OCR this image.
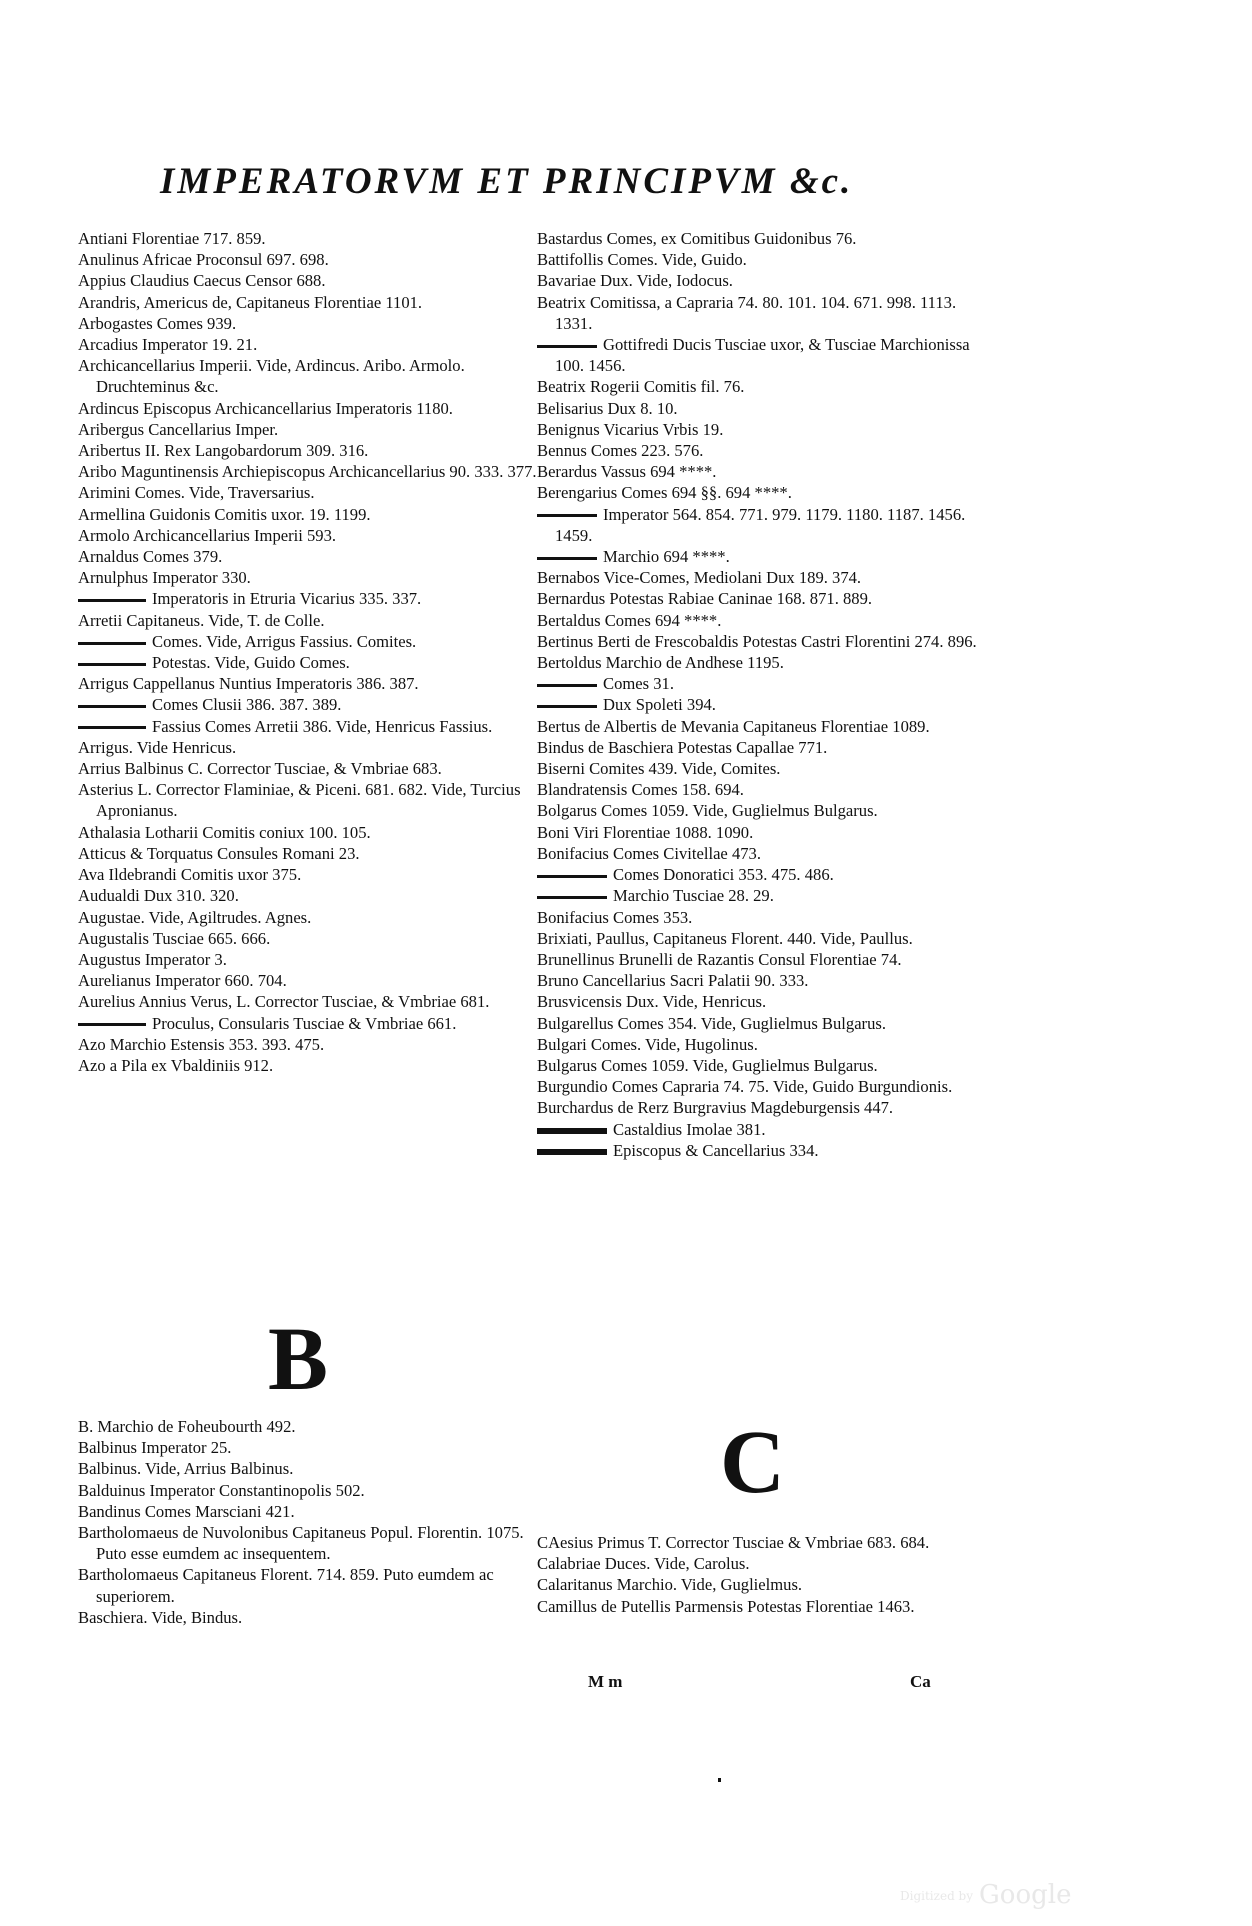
IMPERATORVM ET PRINCIPVM &c.

Antiani Florentiae 717. 859.

Anulinus Africae Proconsul 697. 698.

Appius Claudius Caecus Censor 688.

Arandris, Americus de, Capitaneus Florentiae 1101.

Arbogastes Comes 939.

Arcadius Imperator 19. 21.

Archicancellarius Imperii. Vide, Ardincus. Aribo. Armolo. Druchteminus &c.

Ardincus Episcopus Archicancellarius Imperatoris 1180.

Aribergus Cancellarius Imper.

Aribertus II. Rex Langobardorum 309. 316.

Aribo Maguntinensis Archiepiscopus Archicancellarius 90. 333. 377.

Arimini Comes. Vide, Traversarius.

Armellina Guidonis Comitis uxor. 19. 1199.

Armolo Archicancellarius Imperii 593.

Arnaldus Comes 379.

Arnulphus Imperator 330.

Imperatoris in Etruria Vicarius 335. 337.

Arretii Capitaneus. Vide, T. de Colle.

Comes. Vide, Arrigus Fassius. Comites.

Potestas. Vide, Guido Comes.

Arrigus Cappellanus Nuntius Imperatoris 386. 387.

Comes Clusii 386. 387. 389.

Fassius Comes Arretii 386. Vide, Henricus Fassius.

Arrigus. Vide Henricus.

Arrius Balbinus C. Corrector Tusciae, & Vmbriae 683.

Asterius L. Corrector Flaminiae, & Piceni. 681. 682. Vide, Turcius Apronianus.

Athalasia Lotharii Comitis coniux 100. 105.

Atticus & Torquatus Consules Romani 23.

Ava Ildebrandi Comitis uxor 375.

Audualdi Dux 310. 320.

Augustae. Vide, Agiltrudes. Agnes.

Augustalis Tusciae 665. 666.

Augustus Imperator 3.

Aurelianus Imperator 660. 704.

Aurelius Annius Verus, L. Corrector Tusciae, & Vmbriae 681.

Proculus, Consularis Tusciae & Vmbriae 661.

Azo Marchio Estensis 353. 393. 475.

Azo a Pila ex Vbaldiniis 912.

B

B. Marchio de Foheubourth 492.

Balbinus Imperator 25.

Balbinus. Vide, Arrius Balbinus.

Balduinus Imperator Constantinopolis 502.

Bandinus Comes Marsciani 421.

Bartholomaeus de Nuvolonibus Capitaneus Popul. Florentin. 1075. Puto esse eumdem ac insequentem.

Bartholomaeus Capitaneus Florent. 714. 859. Puto eumdem ac superiorem.

Baschiera. Vide, Bindus.

Bastardus Comes, ex Comitibus Guidonibus 76.

Battifollis Comes. Vide, Guido.

Bavariae Dux. Vide, Iodocus.

Beatrix Comitissa, a Capraria 74. 80. 101. 104. 671. 998. 1113. 1331.

Gottifredi Ducis Tusciae uxor, & Tusciae Marchionissa 100. 1456.

Beatrix Rogerii Comitis fil. 76.

Belisarius Dux 8. 10.

Benignus Vicarius Vrbis 19.

Bennus Comes 223. 576.

Berardus Vassus 694 ****.

Berengarius Comes 694 §§. 694 ****.

Imperator 564. 854. 771. 979. 1179. 1180. 1187. 1456. 1459.

Marchio 694 ****.

Bernabos Vice-Comes, Mediolani Dux 189. 374.

Bernardus Potestas Rabiae Caninae 168. 871. 889.

Bertaldus Comes 694 ****.

Bertinus Berti de Frescobaldis Potestas Castri Florentini 274. 896.

Bertoldus Marchio de Andhese 1195.

Comes 31.

Dux Spoleti 394.

Bertus de Albertis de Mevania Capitaneus Florentiae 1089.

Bindus de Baschiera Potestas Capallae 771.

Biserni Comites 439. Vide, Comites.

Blandratensis Comes 158. 694.

Bolgarus Comes 1059. Vide, Guglielmus Bulgarus.

Boni Viri Florentiae 1088. 1090.

Bonifacius Comes Civitellae 473.

Comes Donoratici 353. 475. 486.

Marchio Tusciae 28. 29.

Bonifacius Comes 353.

Brixiati, Paullus, Capitaneus Florent. 440. Vide, Paullus.

Brunellinus Brunelli de Razantis Consul Florentiae 74.

Bruno Cancellarius Sacri Palatii 90. 333.

Brusvicensis Dux. Vide, Henricus.

Bulgarellus Comes 354. Vide, Guglielmus Bulgarus.

Bulgari Comes. Vide, Hugolinus.

Bulgarus Comes 1059. Vide, Guglielmus Bulgarus.

Burgundio Comes Capraria 74. 75. Vide, Guido Burgundionis.

Burchardus de Rerz Burgravius Magdeburgensis 447.

Castaldius Imolae 381.

Episcopus & Cancellarius 334.

C

CAesius Primus T. Corrector Tusciae & Vmbriae 683. 684.

Calabriae Duces. Vide, Carolus.

Calaritanus Marchio. Vide, Guglielmus.

Camillus de Putellis Parmensis Potestas Florentiae 1463.

M m	Ca
Digitized by Google
